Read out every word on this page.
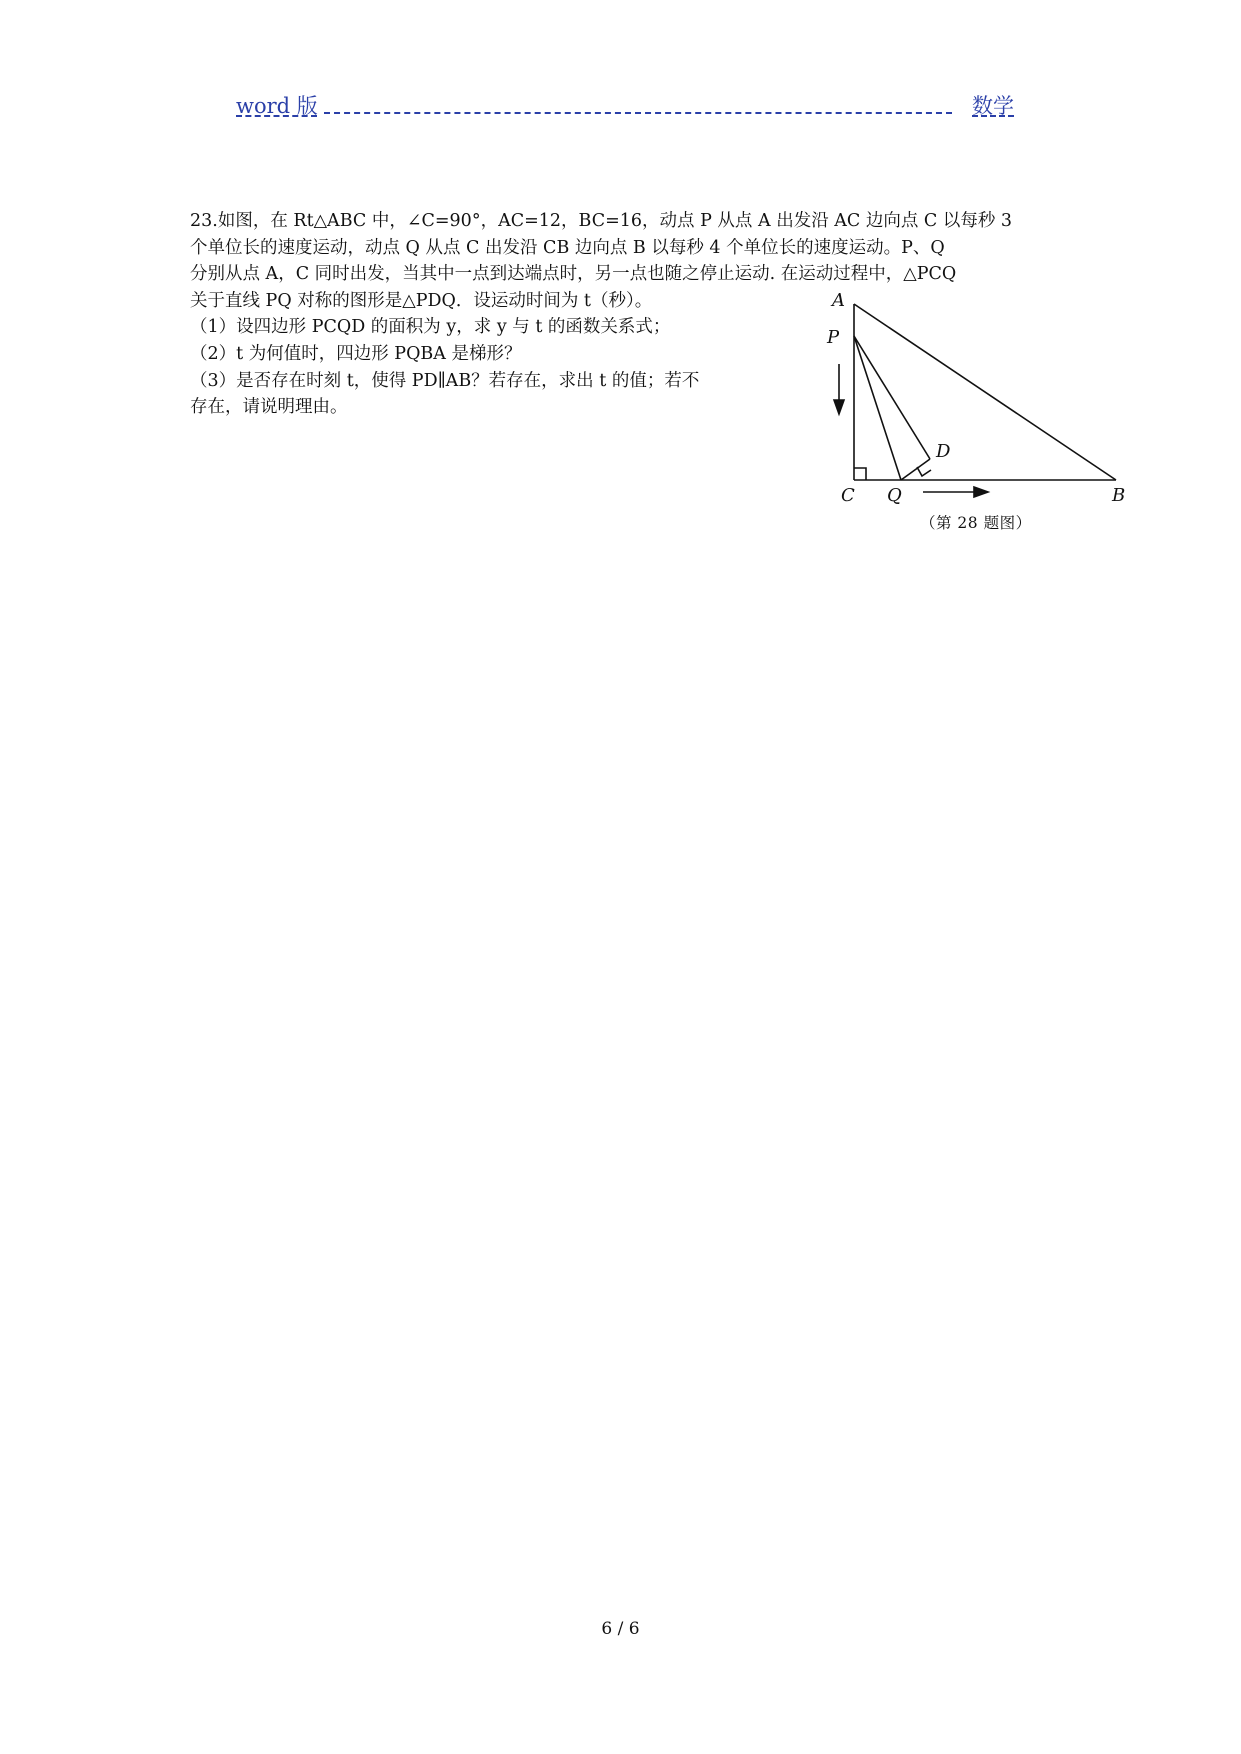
word 版	数学

23.如图，在 Rt△ABC 中，∠C=90°，AC=12，BC=16，动点 P 从点 A 出发沿 AC 边向点 C 以每秒 3

个单位长的速度运动，动点 Q 从点 C 出发沿 CB 边向点 B 以每秒 4 个单位长的速度运动。P、Q

分别从点 A，C 同时出发，当其中一点到达端点时，另一点也随之停止运动. 在运动过程中，△PCQ

关于直线 PQ 对称的图形是△PDQ．设运动时间为 t（秒）。

（1）设四边形 PCQD 的面积为 y，求 y 与 t 的函数关系式；

（2）t 为何值时，四边形 PQBA 是梯形？

（3）是否存在时刻 t，使得 PD∥AB？若存在，求出 t 的值；若不

存在，请说明理由。

A
P
D
C Q	B
（第 28 题图）
6 / 6
